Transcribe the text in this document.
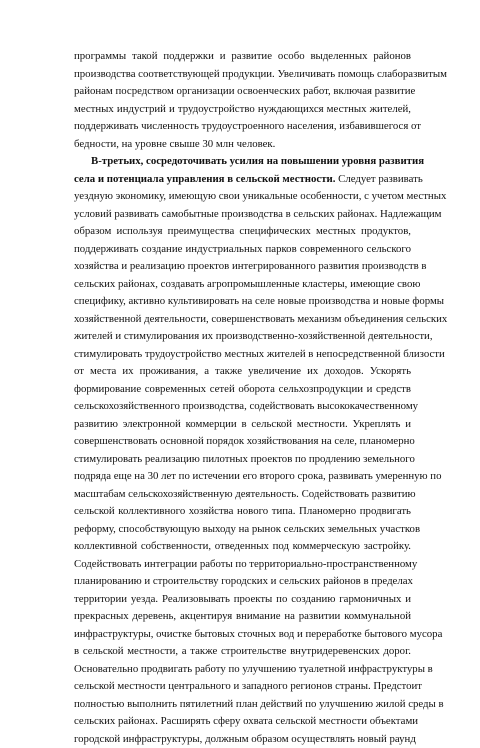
программы такой поддержки и развитие особо выделенных районов
производства соответствующей продукции. Увеличивать помощь слаборазвитым
районам посредством организации освоенческих работ, включая развитие
местных индустрий и трудоустройство нуждающихся местных жителей,
поддерживать численность трудоустроенного населения, избавившегося от
бедности, на уровне свыше 30 млн человек.
В-третьих, сосредоточивать усилия на повышении уровня развития
села и потенциала управления в сельской местности. Следует развивать
уездную экономику, имеющую свои уникальные особенности, с учетом местных
условий развивать самобытные производства в сельских районах. Надлежащим
образом используя преимущества специфических местных продуктов,
поддерживать создание индустриальных парков современного сельского
хозяйства и реализацию проектов интегрированного развития производств в
сельских районах, создавать агропромышленные кластеры, имеющие свою
специфику, активно культивировать на селе новые производства и новые формы
хозяйственной деятельности, совершенствовать механизм объединения сельских
жителей и стимулирования их производственно-хозяйственной деятельности,
стимулировать трудоустройство местных жителей в непосредственной близости
от места их проживания, а также увеличение их доходов. Ускорять
формирование современных сетей оборота сельхозпродукции и средств
сельскохозяйственного производства, содействовать высококачественному
развитию электронной коммерции в сельской местности. Укреплять и
совершенствовать основной порядок хозяйствования на селе, планомерно
стимулировать реализацию пилотных проектов по продлению земельного
подряда еще на 30 лет по истечении его второго срока, развивать умеренную по
масштабам сельскохозяйственную деятельность. Содействовать развитию
сельской коллективного хозяйства нового типа. Планомерно продвигать
реформу, способствующую выходу на рынок сельских земельных участков
коллективной собственности, отведенных под коммерческую застройку.
Содействовать интеграции работы по территориально-пространственному
планированию и строительству городских и сельских районов в пределах
территории уезда. Реализовывать проекты по созданию гармоничных и
прекрасных деревень, акцентируя внимание на развитии коммунальной
инфраструктуры, очистке бытовых сточных вод и переработке бытового мусора
в сельской местности, а также строительстве внутридеревенских дорог.
Основательно продвигать работу по улучшению туалетной инфраструктуры в
сельской местности центрального и западного регионов страны. Предстоит
полностью выполнить пятилетний план действий по улучшению жилой среды в
сельских районах. Расширять сферу охвата сельской местности объектами
городской инфраструктуры, должным образом осуществлять новый раунд
